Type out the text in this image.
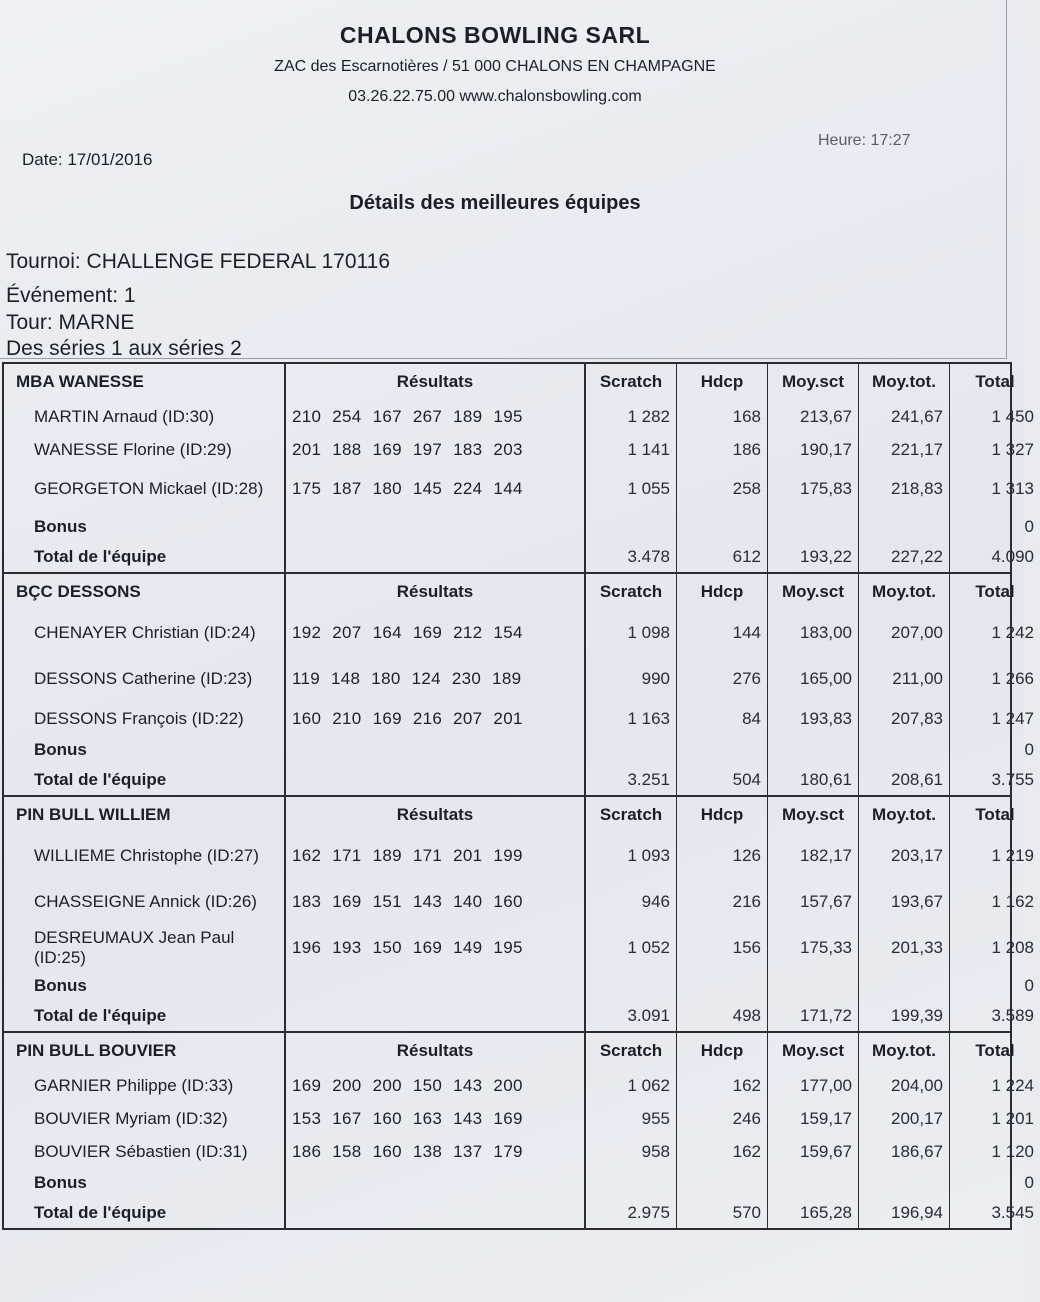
CHALONS BOWLING SARL
ZAC des Escarnotières / 51 000 CHALONS EN CHAMPAGNE
03.26.22.75.00 www.chalonsbowling.com
Date: 17/01/2016
Heure: 17:27
Détails des meilleures équipes
Tournoi: CHALLENGE FEDERAL 170116
Événement: 1
Tour: MARNE
Des séries 1 aux séries 2
MBA WANESSE	Résultats	Scratch	Hdcp	Moy.sct	Moy.tot.	Total
MARTIN Arnaud (ID:30)	210 254 167 267 189 195	1 282	168	213,67	241,67	1 450
WANESSE Florine (ID:29)	201 188 169 197 183 203	1 141	186	190,17	221,17	1 327
GEORGETON Mickael (ID:28)	175 187 180 145 224 144	1 055	258	175,83	218,83	1 313
Bonus						0
Total de l'équipe		3.478	612	193,22	227,22	4.090
BÇC DESSONS	Résultats	Scratch	Hdcp	Moy.sct	Moy.tot.	Total
CHENAYER Christian (ID:24)	192 207 164 169 212 154	1 098	144	183,00	207,00	1 242
DESSONS Catherine (ID:23)	119 148 180 124 230 189	990	276	165,00	211,00	1 266
DESSONS François (ID:22)	160 210 169 216 207 201	1 163	84	193,83	207,83	1 247
Bonus						0
Total de l'équipe		3.251	504	180,61	208,61	3.755
PIN BULL WILLIEM	Résultats	Scratch	Hdcp	Moy.sct	Moy.tot.	Total
WILLIEME Christophe (ID:27)	162 171 189 171 201 199	1 093	126	182,17	203,17	1 219
CHASSEIGNE Annick (ID:26)	183 169 151 143 140 160	946	216	157,67	193,67	1 162
DESREUMAUX Jean Paul (ID:25)	196 193 150 169 149 195	1 052	156	175,33	201,33	1 208
Bonus						0
Total de l'équipe		3.091	498	171,72	199,39	3.589
PIN BULL BOUVIER	Résultats	Scratch	Hdcp	Moy.sct	Moy.tot.	Total
GARNIER Philippe (ID:33)	169 200 200 150 143 200	1 062	162	177,00	204,00	1 224
BOUVIER Myriam (ID:32)	153 167 160 163 143 169	955	246	159,17	200,17	1 201
BOUVIER Sébastien (ID:31)	186 158 160 138 137 179	958	162	159,67	186,67	1 120
Bonus						0
Total de l'équipe		2.975	570	165,28	196,94	3.545
